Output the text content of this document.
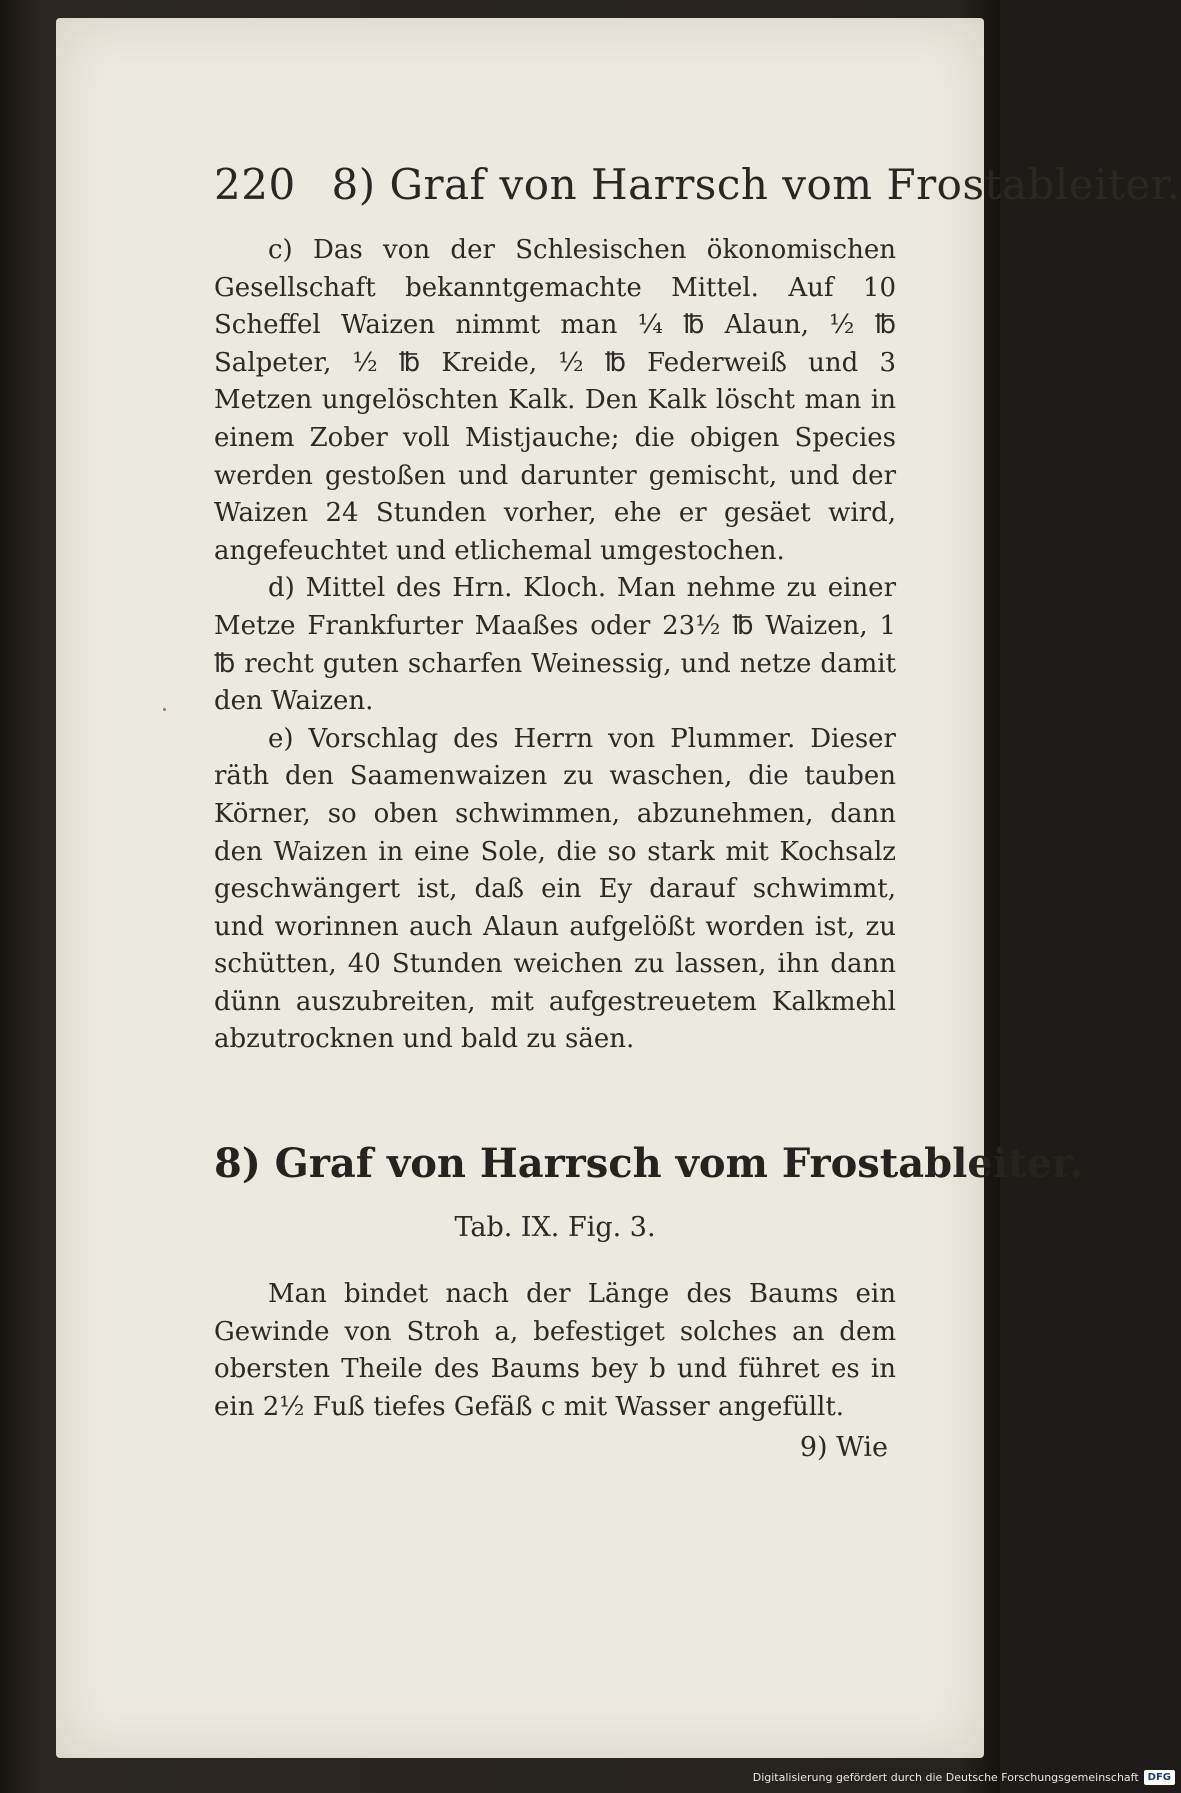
220 8) Graf von Harrsch vom Frostableiter.

c) Das von der Schlesischen ökonomischen Gesellschaft bekanntgemachte Mittel. Auf 10 Scheffel Waizen nimmt man ¼ ℔ Alaun, ½ ℔ Salpeter, ½ ℔ Kreide, ½ ℔ Federweiß und 3 Metzen ungelöschten Kalk. Den Kalk löscht man in einem Zober voll Mistjauche; die obigen Species werden gestoßen und darunter gemischt, und der Waizen 24 Stunden vorher, ehe er gesäet wird, angefeuchtet und etlichemal umgestochen.

d) Mittel des Hrn. Kloch. Man nehme zu einer Metze Frankfurter Maaßes oder 23½ ℔ Waizen, 1 ℔ recht guten scharfen Weinessig, und netze damit den Waizen.

e) Vorschlag des Herrn von Plummer. Dieser räth den Saamenwaizen zu waschen, die tauben Körner, so oben schwimmen, abzunehmen, dann den Waizen in eine Sole, die so stark mit Kochsalz geschwängert ist, daß ein Ey darauf schwimmt, und worinnen auch Alaun aufgelößt worden ist, zu schütten, 40 Stunden weichen zu lassen, ihn dann dünn auszubreiten, mit aufgestreuetem Kalkmehl abzutrocknen und bald zu säen.

8) Graf von Harrsch vom Frostableiter.
Tab. IX. Fig. 3.

Man bindet nach der Länge des Baums ein Gewinde von Stroh a, befestiget solches an dem obersten Theile des Baums bey b und führet es in ein 2½ Fuß tiefes Gefäß c mit Wasser angefüllt.

9) Wie
Digitalisierung gefördert durch die Deutsche Forschungsgemeinschaft DFG
